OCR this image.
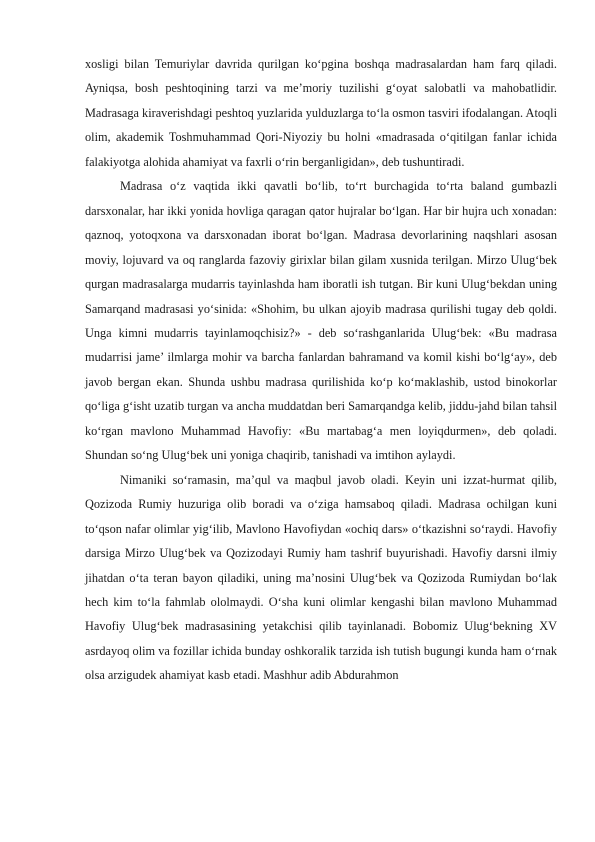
xosligi bilan Temuriylar davrida qurilgan ko‘pgina boshqa madrasalardan ham farq qiladi. Ayniqsa, bosh peshtoqining tarzi va me’moriy tuzilishi g‘oyat salobatli va mahobatlidir. Madrasaga kiraverishdagi peshtoq yuzlarida yulduzlarga to‘la osmon tasviri ifodalangan. Atoqli olim, akademik Toshmuhammad Qori-Niyoziy bu holni «madrasada o‘qitilgan fanlar ichida falakiyotga alohida ahamiyat va faxrli o‘rin berganligidan», deb tushuntiradi.

Madrasa o‘z vaqtida ikki qavatli bo‘lib, to‘rt burchagida to‘rta baland gumbazli darsxonalar, har ikki yonida hovliga qaragan qator hujralar bo‘lgan. Har bir hujra uch xonadan: qaznoq, yotoqxona va darsxonadan iborat bo‘lgan. Madrasa devorlarining naqshlari asosan moviy, lojuvard va oq ranglarda fazoviy girixlar bilan gilam xusnida terilgan. Mirzo Ulug‘bek qurgan madrasalarga mudarris tayinlashda ham iboratli ish tutgan. Bir kuni Ulug‘bekdan uning Samarqand madrasasi yo‘sinida: «Shohim, bu ulkan ajoyib madrasa qurilishi tugay deb qoldi. Unga kimni mudarris tayinlamoqchisiz?» - deb so‘rashganlarida Ulug‘bek: «Bu madrasa mudarrisi jame’ ilmlarga mohir va barcha fanlardan bahramand va komil kishi bo‘lg‘ay», deb javob bergan ekan. Shunda ushbu madrasa qurilishida ko‘p ko‘maklashib, ustod binokorlar qo‘liga g‘isht uzatib turgan va ancha muddatdan beri Samarqandga kelib, jiddu-jahd bilan tahsil ko‘rgan mavlono Muhammad Havofiy: «Bu martabag‘a men loyiqdurmen», deb qoladi. Shundan so‘ng Ulug‘bek uni yoniga chaqirib, tanishadi va imtihon aylaydi.

Nimaniki so‘ramasin, ma’qul va maqbul javob oladi. Keyin uni izzat-hurmat qilib, Qozizoda Rumiy huzuriga olib boradi va o‘ziga hamsaboq qiladi. Madrasa ochilgan kuni to‘qson nafar olimlar yig‘ilib, Mavlono Havofiydan «ochiq dars» o‘tkazishni so‘raydi. Havofiy darsiga Mirzo Ulug‘bek va Qozizodayi Rumiy ham tashrif buyurishadi. Havofiy darsni ilmiy jihatdan o‘ta teran bayon qiladiki, uning ma’nosini Ulug‘bek va Qozizoda Rumiydan bo‘lak hech kim to‘la fahmlab ololmaydi. O‘sha kuni olimlar kengashi bilan mavlono Muhammad Havofiy Ulug‘bek madrasasining yetakchisi qilib tayinlanadi. Bobomiz Ulug‘bekning XV asrdayoq olim va fozillar ichida bunday oshkoralik tarzida ish tutish bugungi kunda ham o‘rnak olsa arzigudek ahamiyat kasb etadi. Mashhur adib Abdurahmon
